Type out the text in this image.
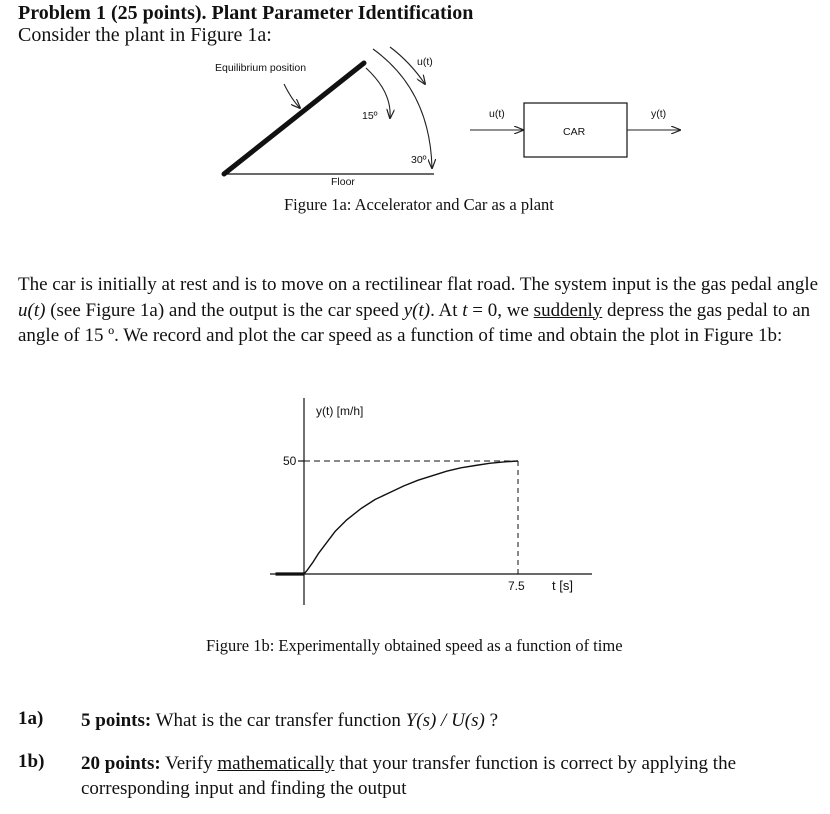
Problem 1 (25 points). Plant Parameter Identification
Consider the plant in Figure 1a:
Equilibrium position
15º
30º
u(t)
Floor
u(t)
CAR
y(t)
Figure 1a: Accelerator and Car as a plant

The car is initially at rest and is to move on a rectilinear flat road. The system input is the gas pedal angle u(t) (see Figure 1a) and the output is the car speed y(t). At t = 0, we suddenly depress the gas pedal to an angle of 15 º. We record and plot the car speed as a function of time and obtain the plot in Figure 1b:

y(t) [m/h]
50
7.5 t [s]
Figure 1b: Experimentally obtained speed as a function of time
1a) 5 points: What is the car transfer function Y(s) / U(s) ?
1b) 20 points: Verify mathematically that your transfer function is correct by applying the corresponding input and finding the output
